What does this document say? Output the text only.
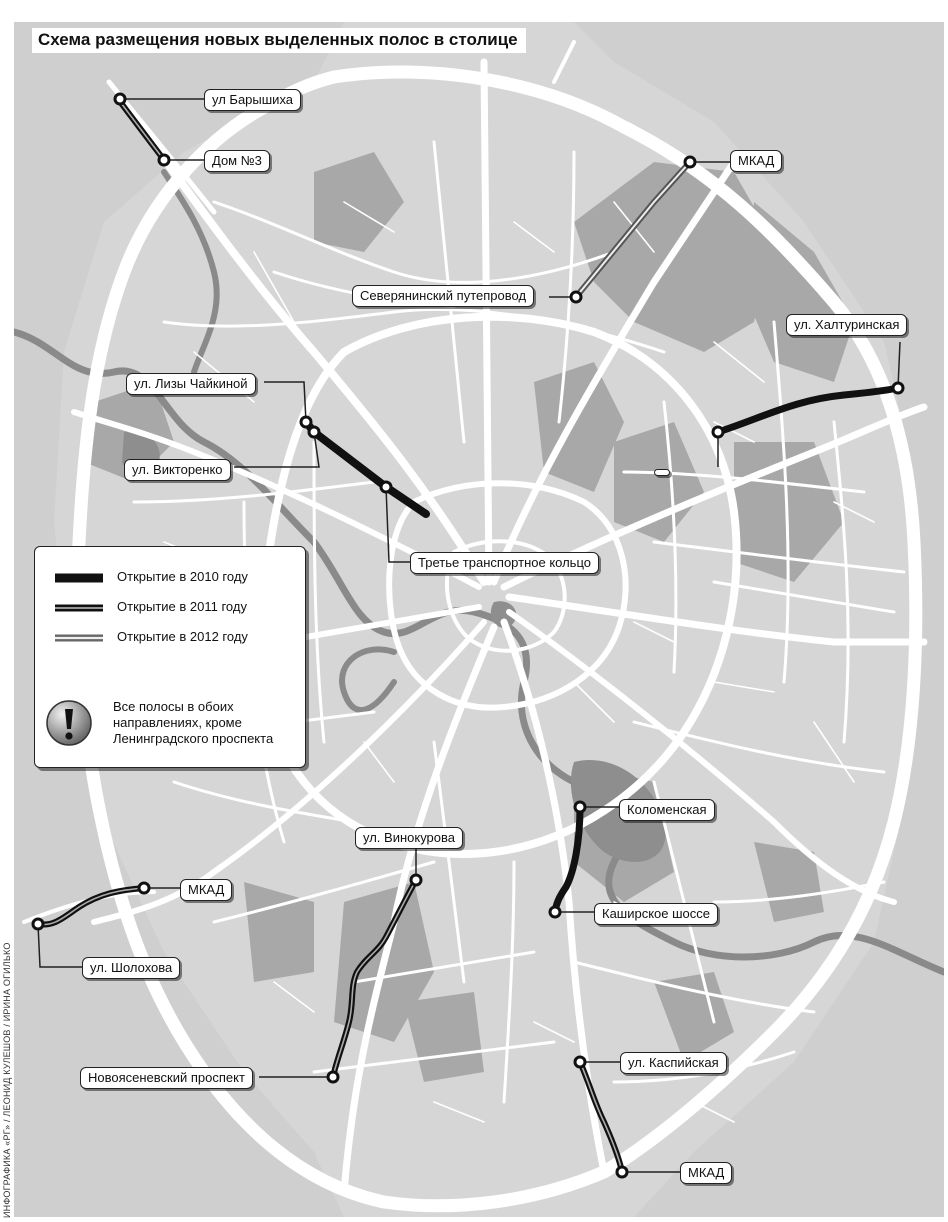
Схема размещения новых выделенных полос в столице
ул Барышиха
Дом №3	МКАД
Северянинский путепровод
ул. Халтуринская
ул. Лизы Чайкиной
ул. Викторенко
Третье транспортное кольцо
Коломенская
ул. Винокурова
МКАД
Каширское шоссе
ул. Шолохова
ул. Каспийская
Новоясеневский проспект
МКАД
Открытие в 2010 году
Открытие в 2011 году
Открытие в 2012 году
Все полосы в обоих направлениях, кроме Ленинградского проспекта
ИНФОГРАФИКА «РГ» / ЛЕОНИД КУЛЕШОВ / ИРИНА ОГИЛЬКО
